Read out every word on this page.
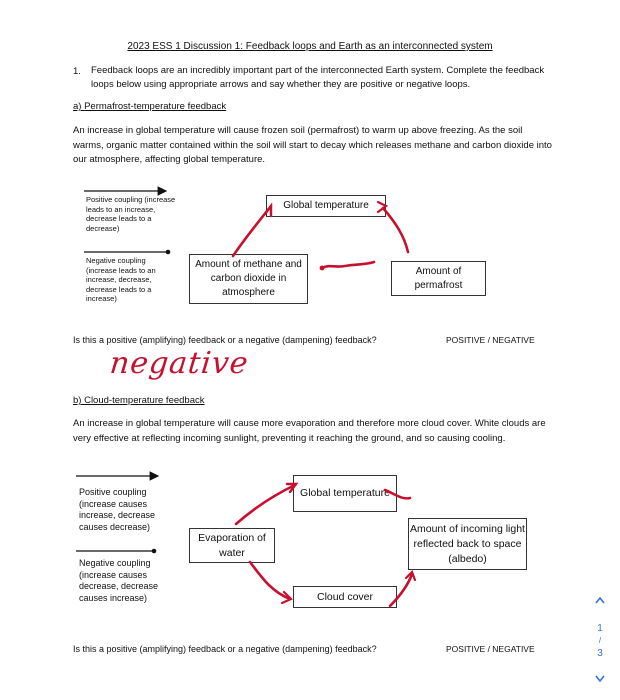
2023 ESS 1 Discussion 1: Feedback loops and Earth as an interconnected system
1. Feedback loops are an incredibly important part of the interconnected Earth system. Complete the feedback loops below using appropriate arrows and say whether they are positive or negative loops.
a) Permafrost-temperature feedback
An increase in global temperature will cause frozen soil (permafrost) to warm up above freezing. As the soil warms, organic matter contained within the soil will start to decay which releases methane and carbon dioxide into our atmosphere, affecting global temperature.
Positive coupling (increase leads to an increase, decrease leads to a decrease)
Negative coupling (increase leads to an increase, decrease, decrease leads to a increase)
Global temperature
Amount of methane and carbon dioxide in atmosphere
Amount of permafrost
Is this a positive (amplifying) feedback or a negative (dampening) feedback?	POSITIVE / NEGATIVE
negative
b) Cloud-temperature feedback
An increase in global temperature will cause more evaporation and therefore more cloud cover. White clouds are very effective at reflecting incoming sunlight, preventing it reaching the ground, and so causing cooling.
Positive coupling (increase causes increase, decrease causes decrease)
Negative coupling (increase causes decrease, decrease causes increase)
Global temperature
Evaporation of water
Amount of incoming light reflected back to space (albedo)
Cloud cover
Is this a positive (amplifying) feedback or a negative (dampening) feedback?	POSITIVE / NEGATIVE
1
/
3
